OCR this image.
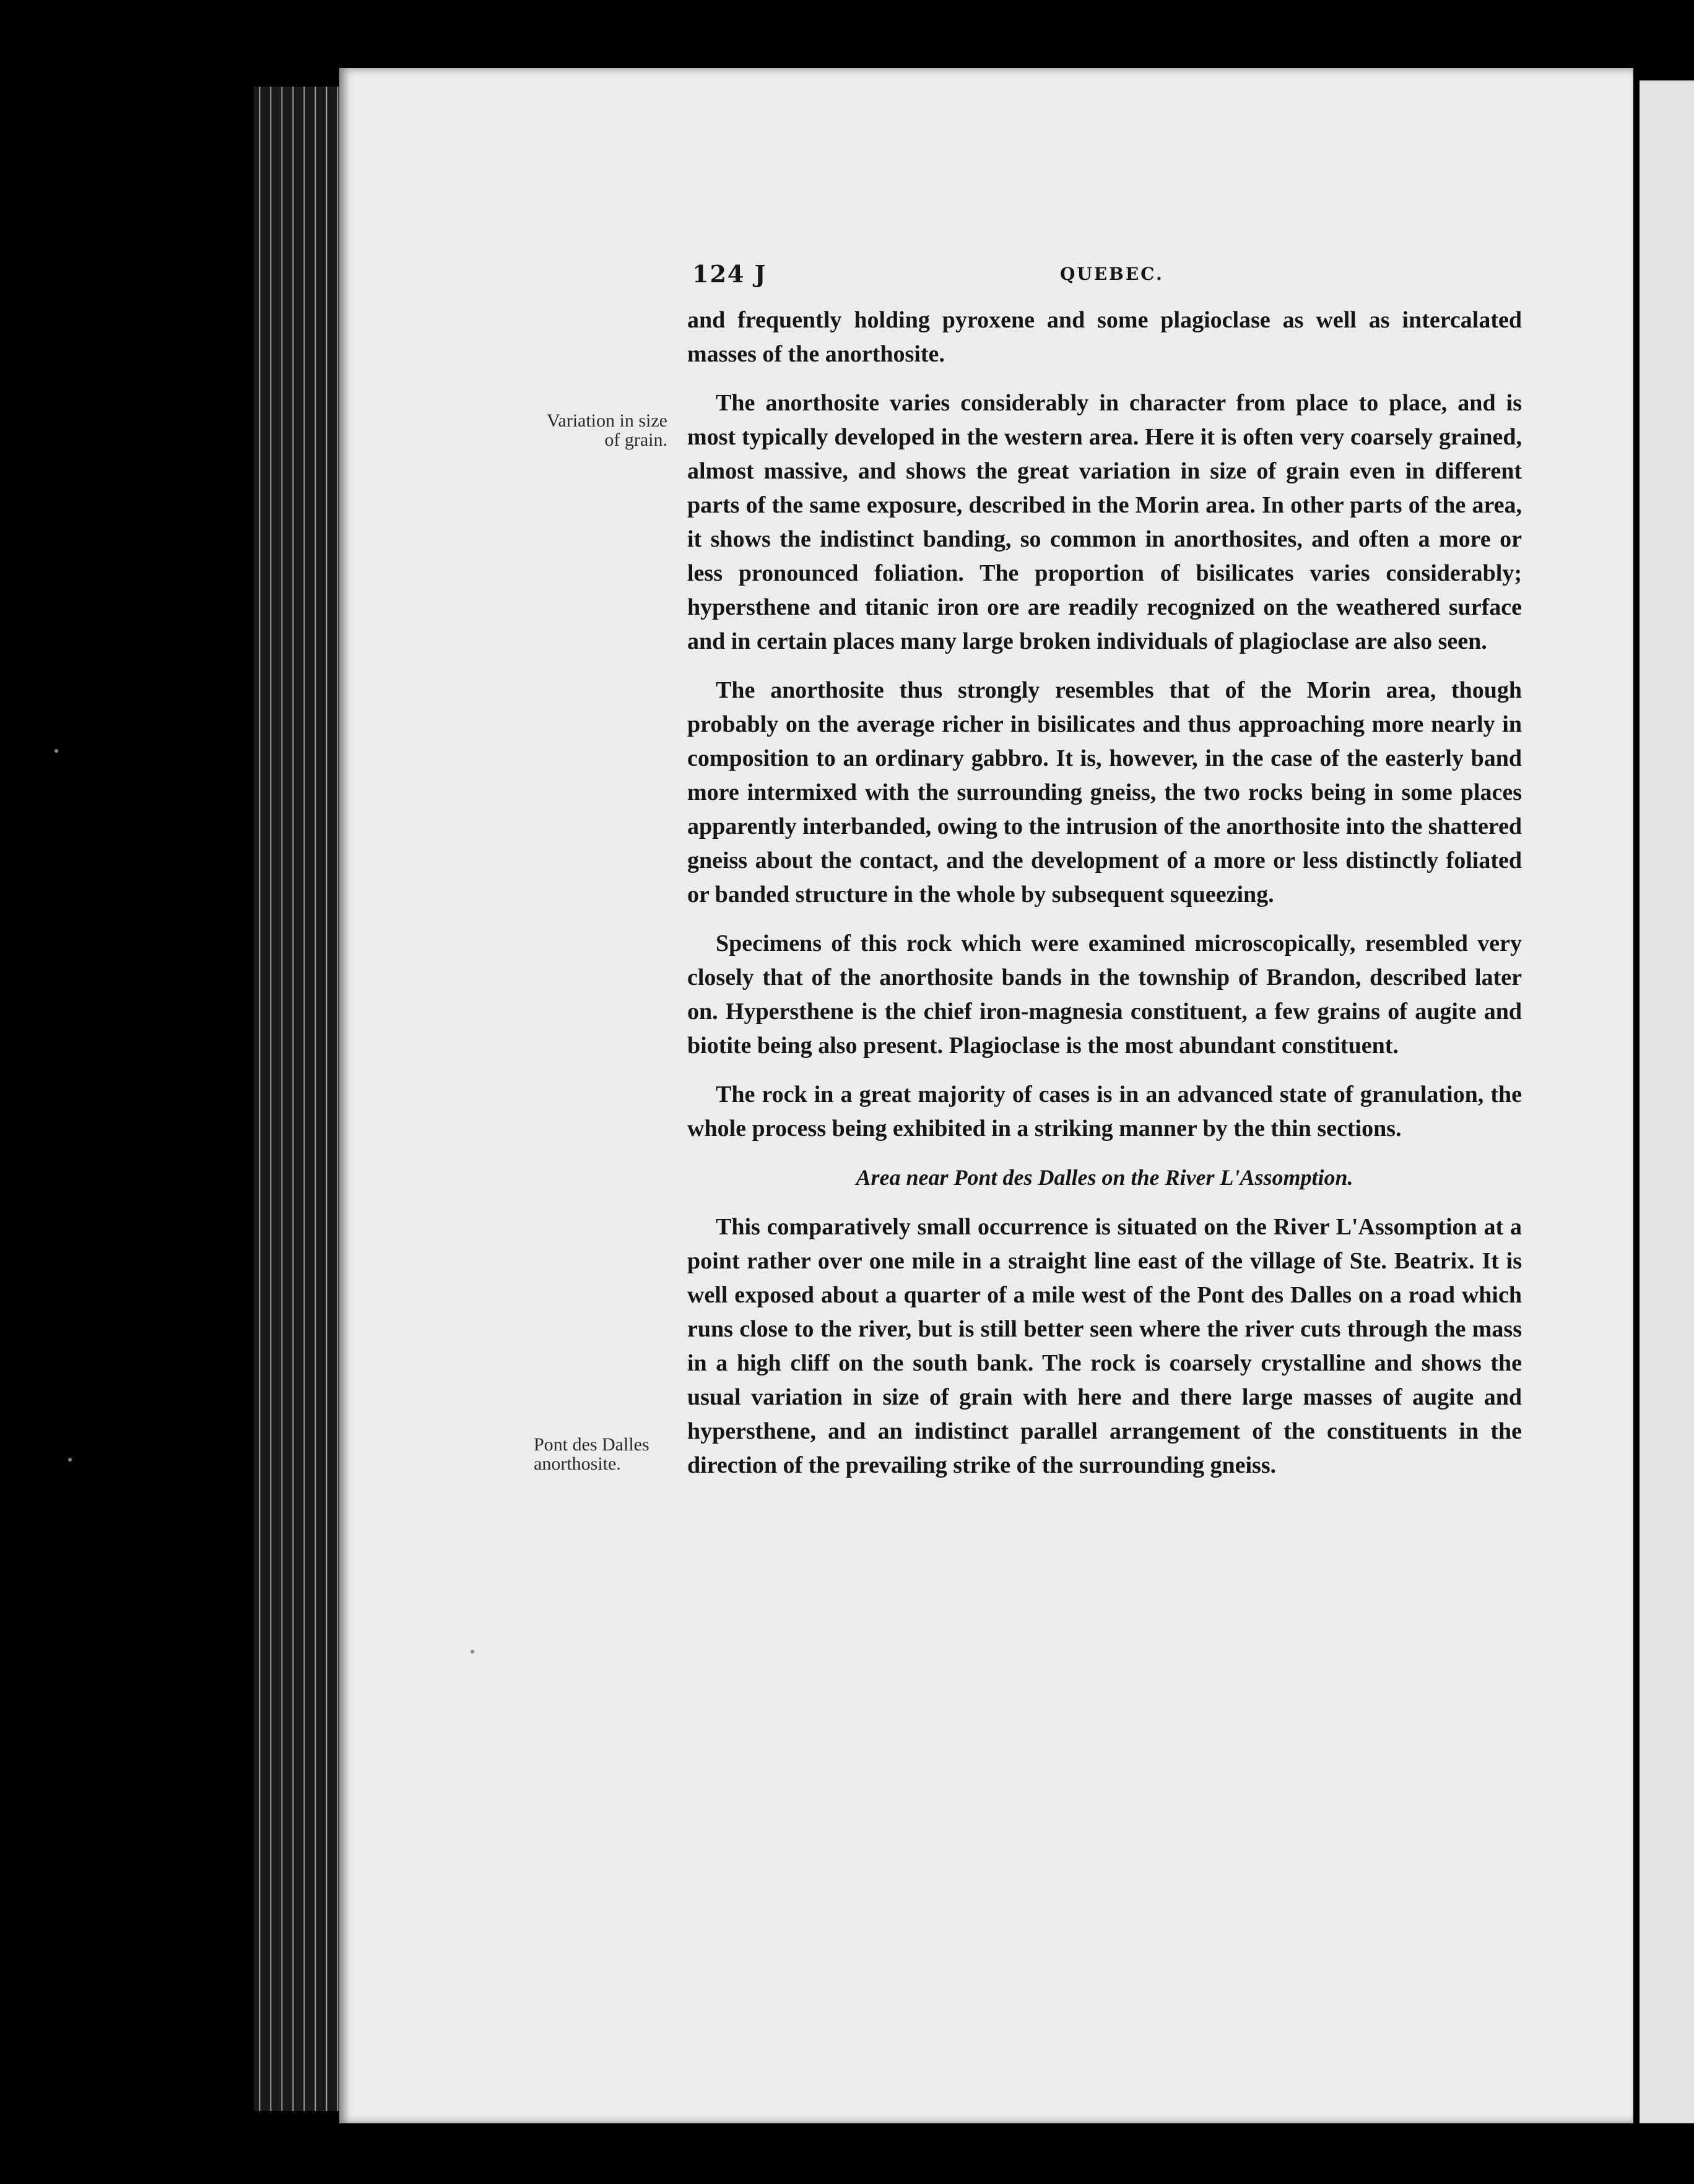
Variation in size of grain.
Pont des Dalles anorthosite.
124 J	QUEBEC.

and frequently holding pyroxene and some plagioclase as well as intercalated masses of the anorthosite.

The anorthosite varies considerably in character from place to place, and is most typically developed in the western area. Here it is often very coarsely grained, almost massive, and shows the great variation in size of grain even in different parts of the same exposure, described in the Morin area. In other parts of the area, it shows the indistinct banding, so common in anorthosites, and often a more or less pronounced foliation. The proportion of bisilicates varies considerably; hypersthene and titanic iron ore are readily recognized on the weathered surface and in certain places many large broken individuals of plagioclase are also seen.

The anorthosite thus strongly resembles that of the Morin area, though probably on the average richer in bisilicates and thus approaching more nearly in composition to an ordinary gabbro. It is, however, in the case of the easterly band more intermixed with the surrounding gneiss, the two rocks being in some places apparently interbanded, owing to the intrusion of the anorthosite into the shattered gneiss about the contact, and the development of a more or less distinctly foliated or banded structure in the whole by subsequent squeezing.

Specimens of this rock which were examined microscopically, resembled very closely that of the anorthosite bands in the township of Brandon, described later on. Hypersthene is the chief iron-magnesia constituent, a few grains of augite and biotite being also present. Plagioclase is the most abundant constituent.

The rock in a great majority of cases is in an advanced state of granulation, the whole process being exhibited in a striking manner by the thin sections.

Area near Pont des Dalles on the River L'Assomption.

This comparatively small occurrence is situated on the River L'Assomption at a point rather over one mile in a straight line east of the village of Ste. Beatrix. It is well exposed about a quarter of a mile west of the Pont des Dalles on a road which runs close to the river, but is still better seen where the river cuts through the mass in a high cliff on the south bank. The rock is coarsely crystalline and shows the usual variation in size of grain with here and there large masses of augite and hypersthene, and an indistinct parallel arrangement of the constituents in the direction of the prevailing strike of the surrounding gneiss.
